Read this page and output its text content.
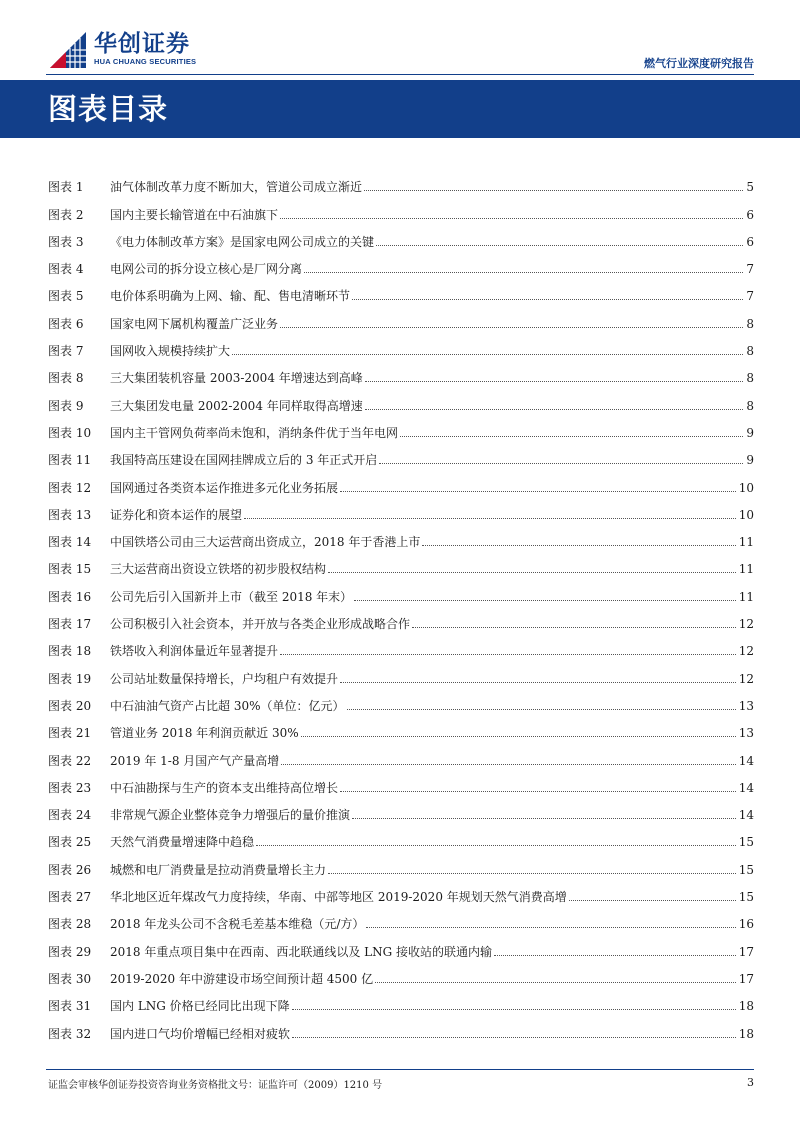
华创证券
HUA CHUANG SECURITIES	燃气行业深度研究报告
图表目录
图表 1	油气体制改革力度不断加大，管道公司成立渐近	5
图表 2	国内主要长输管道在中石油旗下	6
图表 3	《电力体制改革方案》是国家电网公司成立的关键	6
图表 4	电网公司的拆分设立核心是厂网分离	7
图表 5	电价体系明确为上网、输、配、售电清晰环节	7
图表 6	国家电网下属机构覆盖广泛业务	8
图表 7	国网收入规模持续扩大	8
图表 8	三大集团装机容量 2003-2004 年增速达到高峰	8
图表 9	三大集团发电量 2002-2004 年同样取得高增速	8
图表 10	国内主干管网负荷率尚未饱和，消纳条件优于当年电网	9
图表 11	我国特高压建设在国网挂牌成立后的 3 年正式开启	9
图表 12	国网通过各类资本运作推进多元化业务拓展	10
图表 13	证券化和资本运作的展望	10
图表 14	中国铁塔公司由三大运营商出资成立，2018 年于香港上市	11
图表 15	三大运营商出资设立铁塔的初步股权结构	11
图表 16	公司先后引入国新并上市（截至 2018 年末）	11
图表 17	公司积极引入社会资本，并开放与各类企业形成战略合作	12
图表 18	铁塔收入利润体量近年显著提升	12
图表 19	公司站址数量保持增长，户均租户有效提升	12
图表 20	中石油油气资产占比超 30%（单位：亿元）	13
图表 21	管道业务 2018 年利润贡献近 30%	13
图表 22	2019 年 1-8 月国产气产量高增	14
图表 23	中石油勘探与生产的资本支出维持高位增长	14
图表 24	非常规气源企业整体竞争力增强后的量价推演	14
图表 25	天然气消费量增速降中趋稳	15
图表 26	城燃和电厂消费量是拉动消费量增长主力	15
图表 27	华北地区近年煤改气力度持续，华南、中部等地区 2019-2020 年规划天然气消费高增	15
图表 28	2018 年龙头公司不含税毛差基本维稳（元/方）	16
图表 29	2018 年重点项目集中在西南、西北联通线以及 LNG 接收站的联通内输	17
图表 30	2019-2020 年中游建设市场空间预计超 4500 亿	17
图表 31	国内 LNG 价格已经同比出现下降	18
图表 32	国内进口气均价增幅已经相对疲软	18
证监会审核华创证券投资咨询业务资格批文号：证监许可（2009）1210 号	3
